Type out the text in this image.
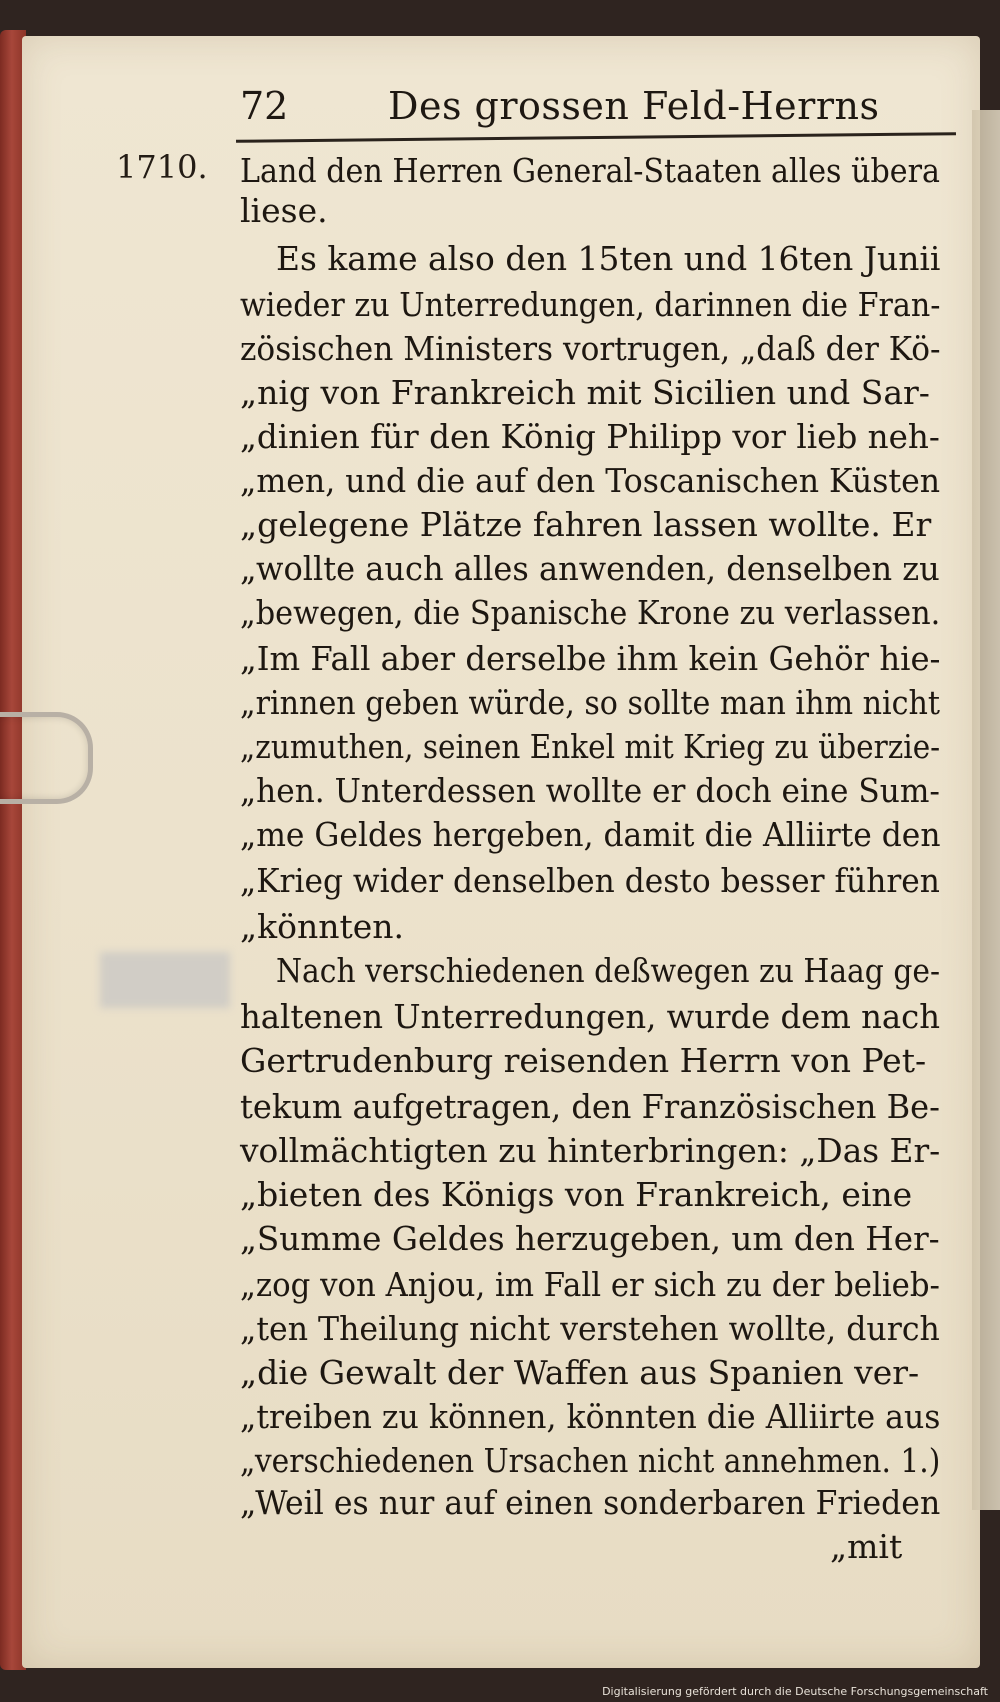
72	Des grossen Feld-Herrns
1710. Land den Herren General-Staaten alles übera
liese.
Es kame also den 15ten und 16ten Junii
wieder zu Unterredungen, darinnen die Fran-
zösischen Ministers vortrugen, „daß der Kö-
„nig von Frankreich mit Sicilien und Sar-
„dinien für den König Philipp vor lieb neh-
„men, und die auf den Toscanischen Küsten
„gelegene Plätze fahren lassen wollte. Er
„wollte auch alles anwenden, denselben zu
„bewegen, die Spanische Krone zu verlassen.
„Im Fall aber derselbe ihm kein Gehör hie-
„rinnen geben würde, so sollte man ihm nicht
„zumuthen, seinen Enkel mit Krieg zu überzie-
„hen. Unterdessen wollte er doch eine Sum-
„me Geldes hergeben, damit die Alliirte den
„Krieg wider denselben desto besser führen
„könnten.
Nach verschiedenen deßwegen zu Haag ge-
haltenen Unterredungen, wurde dem nach
Gertrudenburg reisenden Herrn von Pet-
tekum aufgetragen, den Französischen Be-
vollmächtigten zu hinterbringen: „Das Er-
„bieten des Königs von Frankreich, eine
„Summe Geldes herzugeben, um den Her-
„zog von Anjou, im Fall er sich zu der belieb-
„ten Theilung nicht verstehen wollte, durch
„die Gewalt der Waffen aus Spanien ver-
„treiben zu können, könnten die Alliirte aus
„verschiedenen Ursachen nicht annehmen. 1.)
„Weil es nur auf einen sonderbaren Frieden
„mit
Digitalisierung gefördert durch die Deutsche Forschungsgemeinschaft
